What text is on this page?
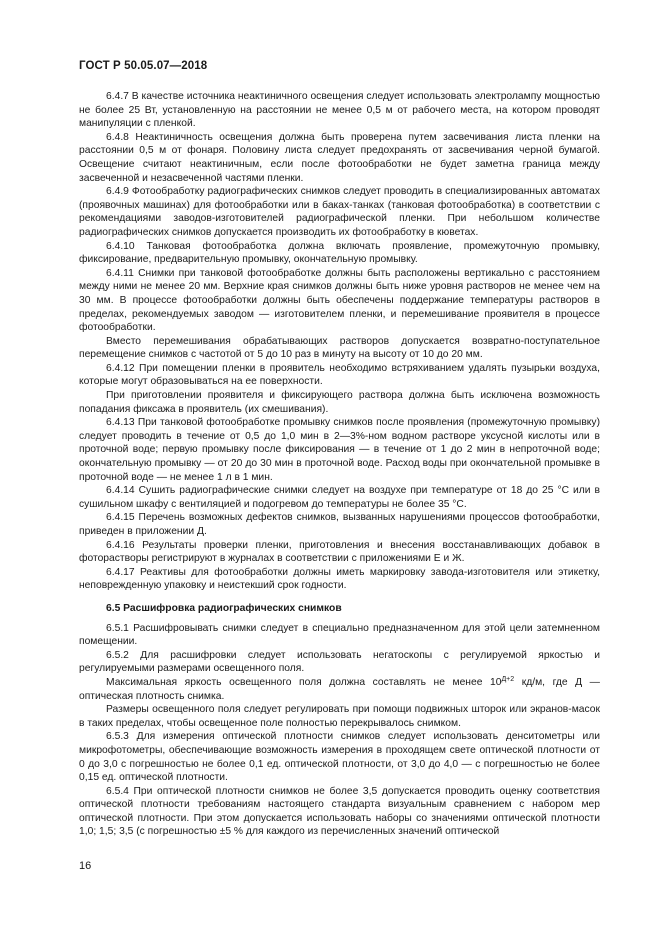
ГОСТ Р 50.05.07—2018

6.4.7 В качестве источника неактиничного освещения следует использовать электролампу мощностью не более 25 Вт, установленную на расстоянии не менее 0,5 м от рабочего места, на котором проводят манипуляции с пленкой.

6.4.8 Неактиничность освещения должна быть проверена путем засвечивания листа пленки на расстоянии 0,5 м от фонаря. Половину листа следует предохранять от засвечивания черной бумагой. Освещение считают неактиничным, если после фотообработки не будет заметна граница между засвеченной и незасвеченной частями пленки.

6.4.9 Фотообработку радиографических снимков следует проводить в специализированных автоматах (проявочных машинах) для фотообработки или в баках-танках (танковая фотообработка) в соответствии с рекомендациями заводов-изготовителей радиографической пленки. При небольшом количестве радиографических снимков допускается производить их фотообработку в кюветах.

6.4.10 Танковая фотообработка должна включать проявление, промежуточную промывку, фиксирование, предварительную промывку, окончательную промывку.

6.4.11 Снимки при танковой фотообработке должны быть расположены вертикально с расстоянием между ними не менее 20 мм. Верхние края снимков должны быть ниже уровня растворов не менее чем на 30 мм. В процессе фотообработки должны быть обеспечены поддержание температуры растворов в пределах, рекомендуемых заводом — изготовителем пленки, и перемешивание проявителя в процессе фотообработки.

Вместо перемешивания обрабатывающих растворов допускается возвратно-поступательное перемещение снимков с частотой от 5 до 10 раз в минуту на высоту от 10 до 20 мм.

6.4.12 При помещении пленки в проявитель необходимо встряхиванием удалять пузырьки воздуха, которые могут образовываться на ее поверхности.

При приготовлении проявителя и фиксирующего раствора должна быть исключена возможность попадания фиксажа в проявитель (их смешивания).

6.4.13 При танковой фотообработке промывку снимков после проявления (промежуточную промывку) следует проводить в течение от 0,5 до 1,0 мин в 2—3%-ном водном растворе уксусной кислоты или в проточной воде; первую промывку после фиксирования — в течение от 1 до 2 мин в непроточной воде; окончательную промывку — от 20 до 30 мин в проточной воде. Расход воды при окончательной промывке в проточной воде — не менее 1 л в 1 мин.

6.4.14 Сушить радиографические снимки следует на воздухе при температуре от 18 до 25 °С или в сушильном шкафу с вентиляцией и подогревом до температуры не более 35 °С.

6.4.15 Перечень возможных дефектов снимков, вызванных нарушениями процессов фотообработки, приведен в приложении Д.

6.4.16 Результаты проверки пленки, приготовления и внесения восстанавливающих добавок в фоторастворы регистрируют в журналах в соответствии с приложениями Е и Ж.

6.4.17 Реактивы для фотообработки должны иметь маркировку завода-изготовителя или этикетку, неповрежденную упаковку и неистекший срок годности.

6.5 Расшифровка радиографических снимков

6.5.1 Расшифровывать снимки следует в специально предназначенном для этой цели затемненном помещении.

6.5.2 Для расшифровки следует использовать негатоскопы с регулируемой яркостью и регулируемыми размерами освещенного поля.

Максимальная яркость освещенного поля должна составлять не менее $10^{Д+2}$ кд/м, где Д — оптическая плотность снимка.

Размеры освещенного поля следует регулировать при помощи подвижных шторок или экранов-масок в таких пределах, чтобы освещенное поле полностью перекрывалось снимком.

6.5.3 Для измерения оптической плотности снимков следует использовать денситометры или микрофотометры, обеспечивающие возможность измерения в проходящем свете оптической плотности от 0 до 3,0 с погрешностью не более 0,1 ед. оптической плотности, от 3,0 до 4,0 — с погрешностью не более 0,15 ед. оптической плотности.

6.5.4 При оптической плотности снимков не более 3,5 допускается проводить оценку соответствия оптической плотности требованиям настоящего стандарта визуальным сравнением с набором мер оптической плотности. При этом допускается использовать наборы со значениями оптической плотности 1,0; 1,5; 3,5 (с погрешностью ±5 % для каждого из перечисленных значений оптической

16
